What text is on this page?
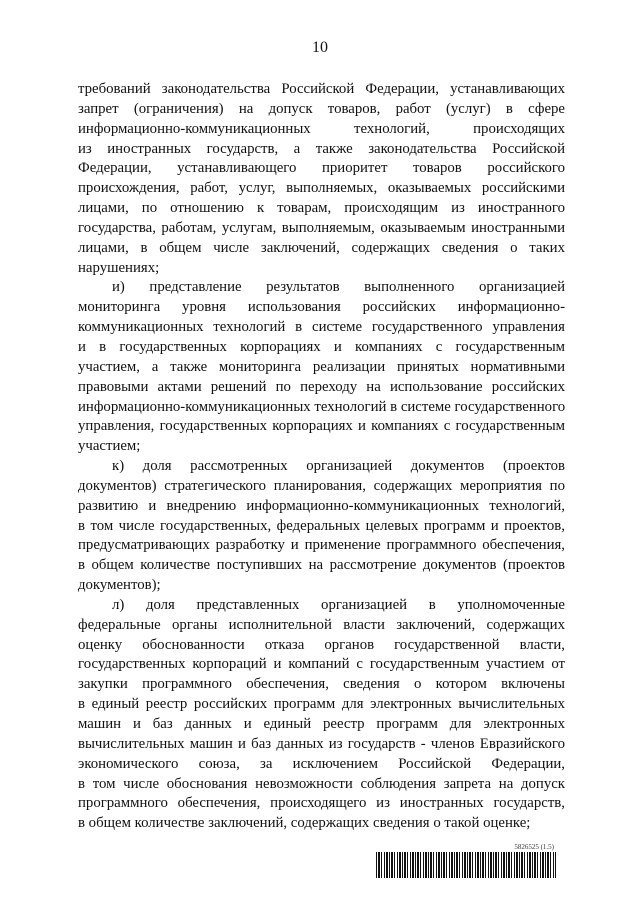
10
требований законодательства Российской Федерации, устанавливающих
запрет (ограничения) на допуск товаров, работ (услуг) в сфере
информационно-коммуникационных технологий, происходящих
из иностранных государств, а также законодательства Российской
Федерации, устанавливающего приоритет товаров российского
происхождения, работ, услуг, выполняемых, оказываемых российскими
лицами, по отношению к товарам, происходящим из иностранного
государства, работам, услугам, выполняемым, оказываемым иностранными
лицами, в общем числе заключений, содержащих сведения о таких
нарушениях;
и) представление результатов выполненного организацией
мониторинга уровня использования российских информационно-
коммуникационных технологий в системе государственного управления
и в государственных корпорациях и компаниях с государственным
участием, а также мониторинга реализации принятых нормативными
правовыми актами решений по переходу на использование российских
информационно-коммуникационных технологий в системе государственного
управления, государственных корпорациях и компаниях с государственным
участием;
к) доля рассмотренных организацией документов (проектов
документов) стратегического планирования, содержащих мероприятия по
развитию и внедрению информационно-коммуникационных технологий,
в том числе государственных, федеральных целевых программ и проектов,
предусматривающих разработку и применение программного обеспечения,
в общем количестве поступивших на рассмотрение документов (проектов
документов);
л) доля представленных организацией в уполномоченные
федеральные органы исполнительной власти заключений, содержащих
оценку обоснованности отказа органов государственной власти,
государственных корпораций и компаний с государственным участием от
закупки программного обеспечения, сведения о котором включены
в единый реестр российских программ для электронных вычислительных
машин и баз данных и единый реестр программ для электронных
вычислительных машин и баз данных из государств - членов Евразийского
экономического союза, за исключением Российской Федерации,
в том числе обоснования невозможности соблюдения запрета на допуск
программного обеспечения, происходящего из иностранных государств,
в общем количестве заключений, содержащих сведения о такой оценке;
5826525 (1.5)
